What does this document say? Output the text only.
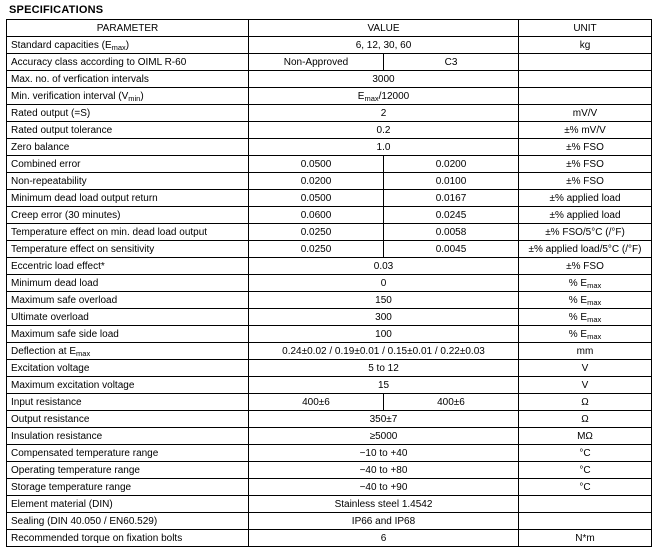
SPECIFICATIONS
PARAMETER	VALUE		UNIT
Standard capacities $(E_{max})$	6, 12, 30, 60		kg
Accuracy class according to OIML R-60	Non-Approved	C3	
Max. no. of verfication intervals	3000		
Min. verification interval $(V_{min})$	$E_{max}/12000$		
Rated output (=S)	2		mV/V
Rated output tolerance	0.2		±% mV/V
Zero balance	1.0		±% FSO
Combined error	0.0500	0.0200	±% FSO
Non-repeatability	0.0200	0.0100	±% FSO
Minimum dead load output return	0.0500	0.0167	±% applied load
Creep error (30 minutes)	0.0600	0.0245	±% applied load
Temperature effect on min. dead load output	0.0250	0.0058	±% FSO/5°C (/°F)
Temperature effect on sensitivity	0.0250	0.0045	±% applied load/5°C (/°F)
Eccentric load effect*	0.03		±% FSO
Minimum dead load	0		% $E_{max}$
Maximum safe overload	150		% $E_{max}$
Ultimate overload	300		% $E_{max}$
Maximum safe side load	100		% $E_{max}$
Deflection at $E_{max}$	0.24±0.02 / 0.19±0.01 / 0.15±0.01 / 0.22±0.03		mm
Excitation voltage	5 to 12		V
Maximum excitation voltage	15		V
Input resistance	400±6	400±6	Ω
Output resistance	350±7		Ω
Insulation resistance	≥5000		MΩ
Compensated temperature range	−10 to +40		°C
Operating temperature range	−40 to +80		°C
Storage temperature range	−40 to +90		°C
Element material (DIN)	Stainless steel 1.4542		
Sealing (DIN 40.050 / EN60.529)	IP66 and IP68		
Recommended torque on fixation bolts	6		N*m
